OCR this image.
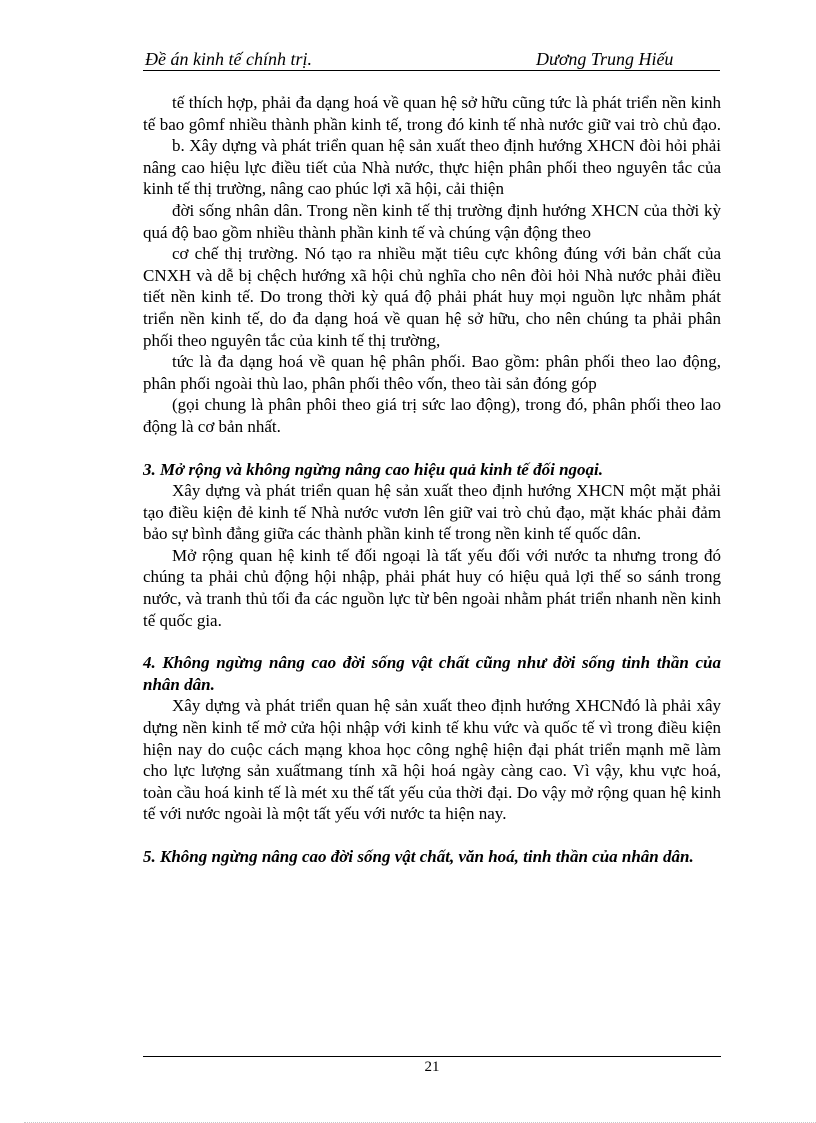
Đề án kinh tế chính trị.	Dương Trung Hiếu

tế thích hợp, phải đa dạng hoá về quan hệ sở hữu cũng tức là phát triển nền kinh tế bao gômf nhiều thành phần kinh tế, trong đó kinh tế nhà nước giữ vai trò chủ đạo.

b. Xây dựng và phát triển quan hệ sản xuất theo định hướng XHCN đòi hỏi phải nâng cao hiệu lực điều tiết của Nhà nước, thực hiện phân phối theo nguyên tắc của kinh tế thị trường, nâng cao phúc lợi xã hội, cải thiện

đời sống nhân dân. Trong nền kinh tế thị trường định hướng XHCN của thời kỳ quá độ bao gồm nhiều thành phần kinh tế và chúng vận động theo

cơ chế thị trường. Nó tạo ra nhiều mặt tiêu cực không đúng với bản chất của CNXH và dễ bị chệch hướng xã hội chủ nghĩa cho nên đòi hỏi Nhà nước phải điều tiết nền kinh tế. Do trong thời kỳ quá độ phải phát huy mọi nguồn lực nhằm phát triển nền kinh tế, do đa dạng hoá về quan hệ sở hữu, cho nên chúng ta phải phân phối theo nguyên tắc của kinh tế thị trường,

tức là đa dạng hoá về quan hệ phân phối. Bao gồm: phân phối theo lao động, phân phối ngoài thù lao, phân phối thêo vốn, theo tài sản đóng góp

(gọi chung là phân phôi theo giá trị sức lao động), trong đó, phân phối theo lao động là cơ bản nhất.

3. Mở rộng và không ngừng nâng cao hiệu quả kinh tế đối ngoại.

Xây dựng và phát triển quan hệ sản xuất theo định hướng XHCN một mặt phải tạo điều kiện đẻ kinh tế Nhà nước vươn lên giữ vai trò chủ đạo, mặt khác phải đảm bảo sự bình đẳng giữa các thành phần kinh tế trong nền kinh tế quốc dân.

Mở rộng quan hệ kinh tế đối ngoại là tất yếu đối với nước ta nhưng trong đó chúng ta phải chủ động hội nhập, phải phát huy có hiệu quả lợi thế so sánh trong nước, và tranh thủ tối đa các nguồn lực từ bên ngoài nhằm phát triển nhanh nền kinh tế quốc gia.

4. Không ngừng nâng cao đời sống vật chất cũng như đời sống tinh thần của nhân dân.

Xây dựng và phát triển quan hệ sản xuất theo định hướng XHCNđó là phải xây dựng nền kinh tế mở cửa hội nhập với kinh tế khu vức và quốc tế vì trong điều kiện hiện nay do cuộc cách mạng khoa học công nghệ hiện đại phát triển mạnh mẽ làm cho lực lượng sản xuấtmang tính xã hội hoá ngày càng cao. Vì vậy, khu vực hoá, toàn cầu hoá kinh tế là mét xu thế tất yếu của thời đại. Do vậy mở rộng quan hệ kinh tế với nước ngoài là một tất yếu với nước ta hiện nay.

5. Không ngừng nâng cao đời sống vật chất, văn hoá, tinh thần của nhân dân.

21
